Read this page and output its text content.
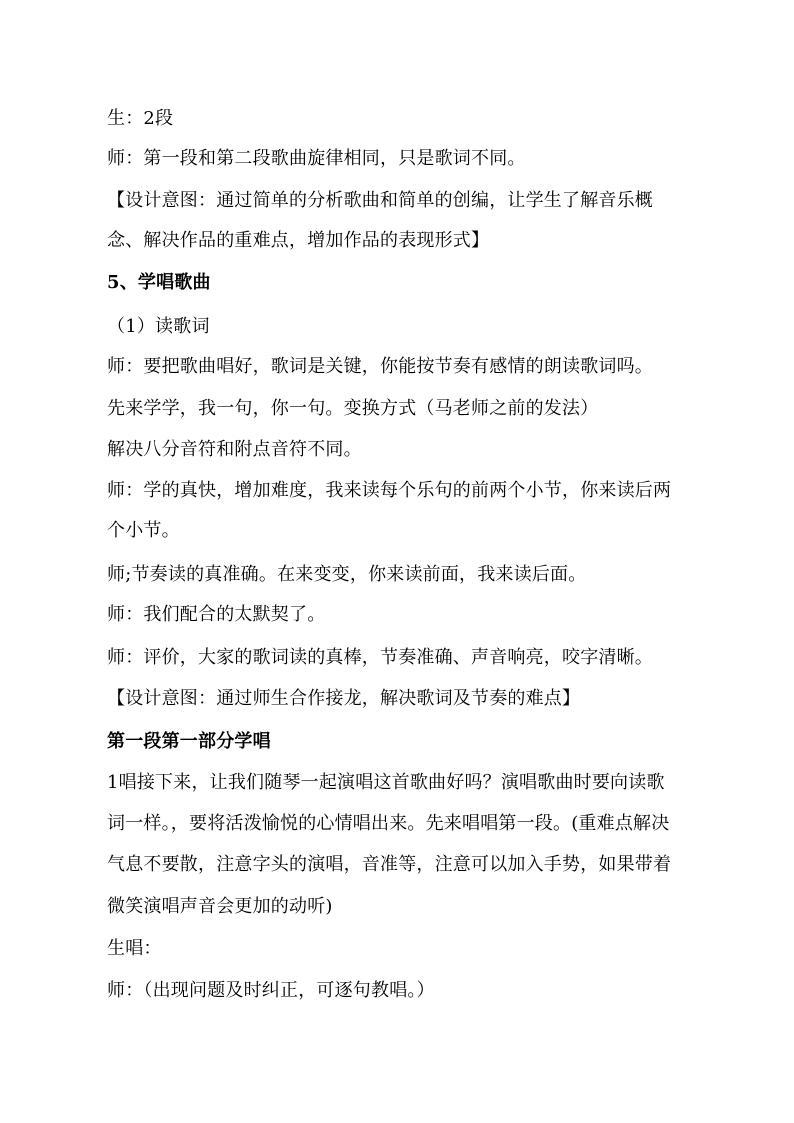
生：2段
师：第一段和第二段歌曲旋律相同，只是歌词不同。
【设计意图：通过简单的分析歌曲和简单的创编，让学生了解音乐概
念、解决作品的重难点，增加作品的表现形式】
5、学唱歌曲
（1）读歌词
师：要把歌曲唱好，歌词是关键，你能按节奏有感情的朗读歌词吗。
先来学学，我一句，你一句。变换方式（马老师之前的发法）
解决八分音符和附点音符不同。
师：学的真快，增加难度，我来读每个乐句的前两个小节，你来读后两
个小节。
师;节奏读的真准确。在来变变，你来读前面，我来读后面。
师：我们配合的太默契了。
师：评价，大家的歌词读的真棒，节奏准确、声音响亮，咬字清晰。
【设计意图：通过师生合作接龙，解决歌词及节奏的难点】
第一段第一部分学唱
1唱接下来，让我们随琴一起演唱这首歌曲好吗？演唱歌曲时要向读歌
词一样。，要将活泼愉悦的心情唱出来。先来唱唱第一段。(重难点解决
气息不要散，注意字头的演唱，音准等，注意可以加入手势，如果带着
微笑演唱声音会更加的动听)
生唱：
师：（出现问题及时纠正，可逐句教唱。）
